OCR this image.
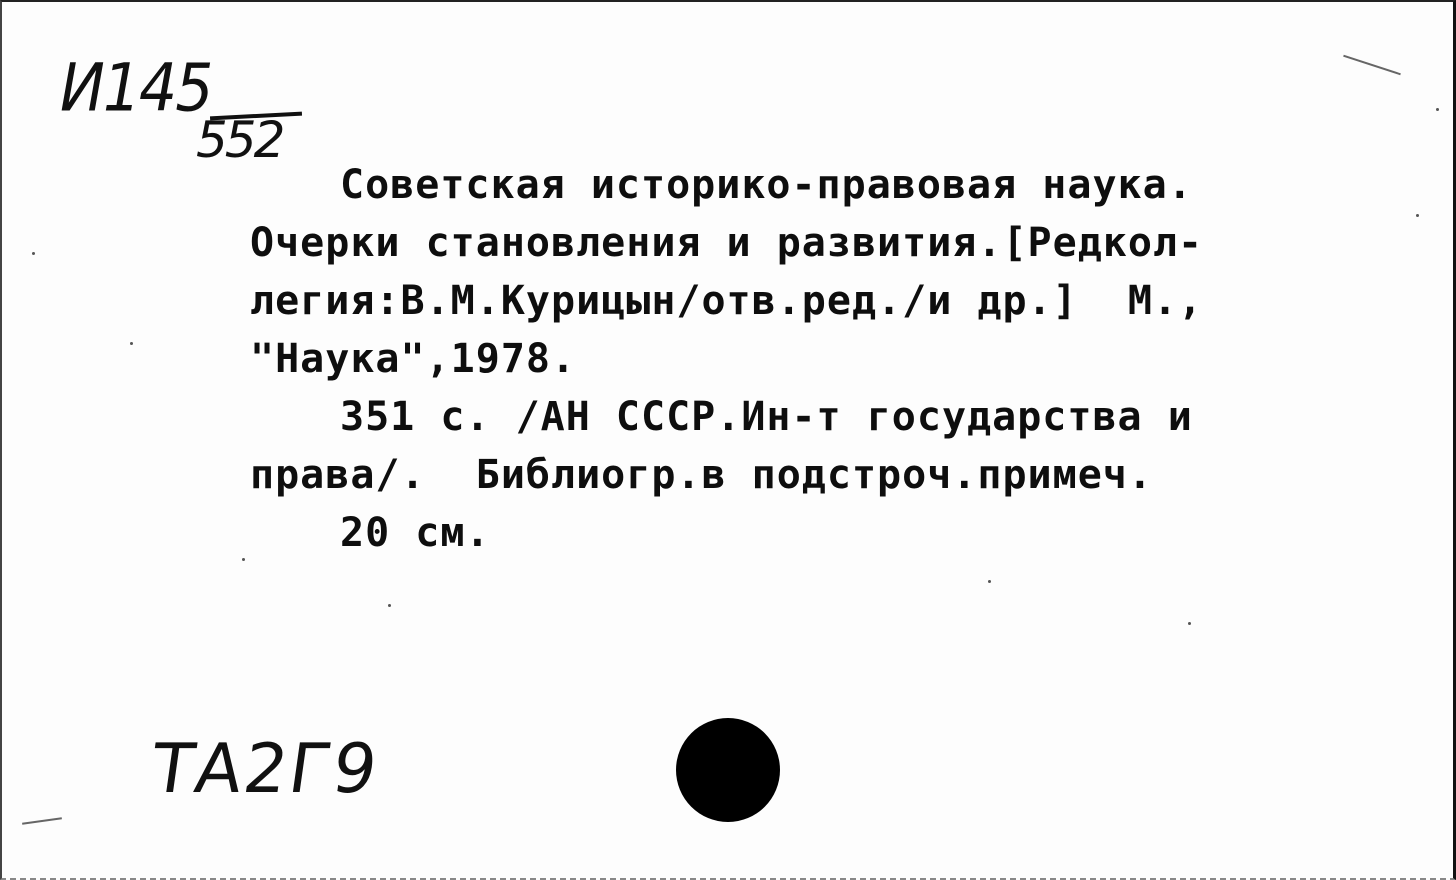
И145
552

Советская историко-правовая наука.

Очерки становления и развития.[Редкол-

легия:В.М.Курицын/отв.ред./и др.]  М.,

"Наука",1978.

351 с. /АН СССР.Ин-т государства и

права/.  Библиогр.в подстроч.примеч.

20 см.

ТА2Г9
